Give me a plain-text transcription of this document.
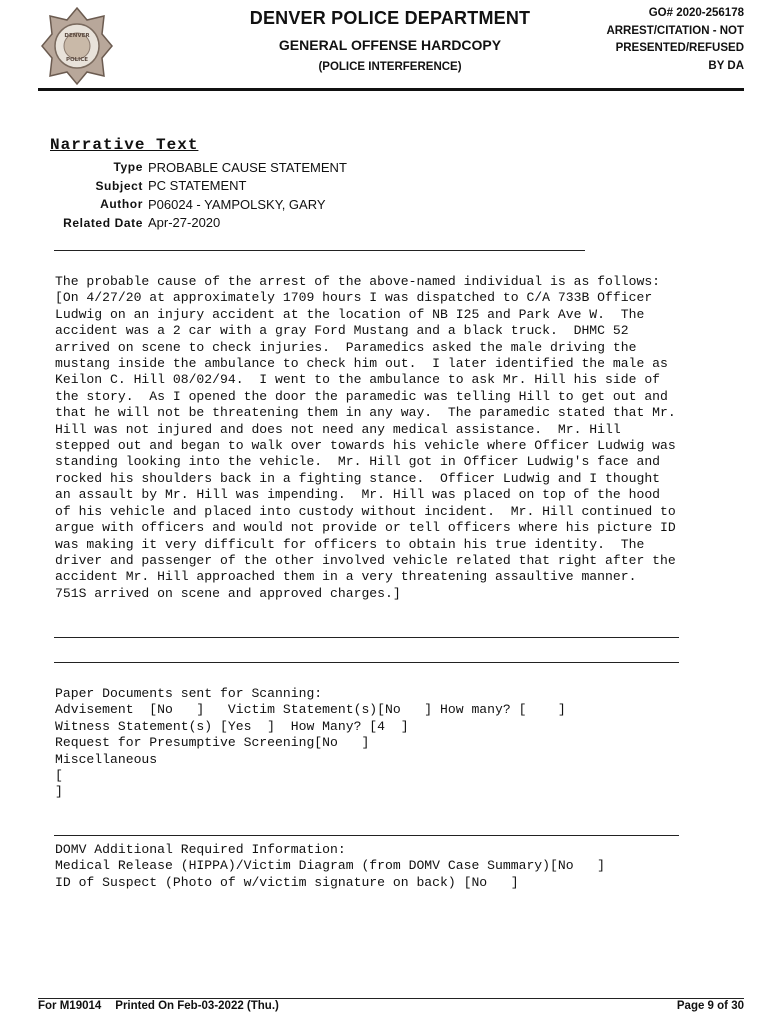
DENVER
POLICE
DENVER POLICE DEPARTMENT
GENERAL OFFENSE HARDCOPY
(POLICE INTERFERENCE)
GO# 2020-256178
ARREST/CITATION - NOT
PRESENTED/REFUSED
BY DA
Narrative Text
Type PROBABLE CAUSE STATEMENT
Subject PC STATEMENT
Author P06024 - YAMPOLSKY, GARY
Related Date Apr-27-2020
The probable cause of the arrest of the above-named individual is as follows:
[On 4/27/20 at approximately 1709 hours I was dispatched to C/A 733B Officer
Ludwig on an injury accident at the location of NB I25 and Park Ave W.  The
accident was a 2 car with a gray Ford Mustang and a black truck.  DHMC 52
arrived on scene to check injuries.  Paramedics asked the male driving the
mustang inside the ambulance to check him out.  I later identified the male as
Keilon C. Hill 08/02/94.  I went to the ambulance to ask Mr. Hill his side of
the story.  As I opened the door the paramedic was telling Hill to get out and
that he will not be threatening them in any way.  The paramedic stated that Mr.
Hill was not injured and does not need any medical assistance.  Mr. Hill
stepped out and began to walk over towards his vehicle where Officer Ludwig was
standing looking into the vehicle.  Mr. Hill got in Officer Ludwig's face and
rocked his shoulders back in a fighting stance.  Officer Ludwig and I thought
an assault by Mr. Hill was impending.  Mr. Hill was placed on top of the hood
of his vehicle and placed into custody without incident.  Mr. Hill continued to
argue with officers and would not provide or tell officers where his picture ID
was making it very difficult for officers to obtain his true identity.  The
driver and passenger of the other involved vehicle related that right after the
accident Mr. Hill approached them in a very threatening assaultive manner.
751S arrived on scene and approved charges.]
Paper Documents sent for Scanning:
Advisement  [No   ]   Victim Statement(s)[No   ] How many? [    ]
Witness Statement(s) [Yes  ]  How Many? [4  ]
Request for Presumptive Screening[No   ]
Miscellaneous
[
]
DOMV Additional Required Information:
Medical Release (HIPPA)/Victim Diagram (from DOMV Case Summary)[No   ]
ID of Suspect (Photo of w/victim signature on back) [No   ]
For M19014 Printed On Feb-03-2022 (Thu.)	Page 9 of 30
